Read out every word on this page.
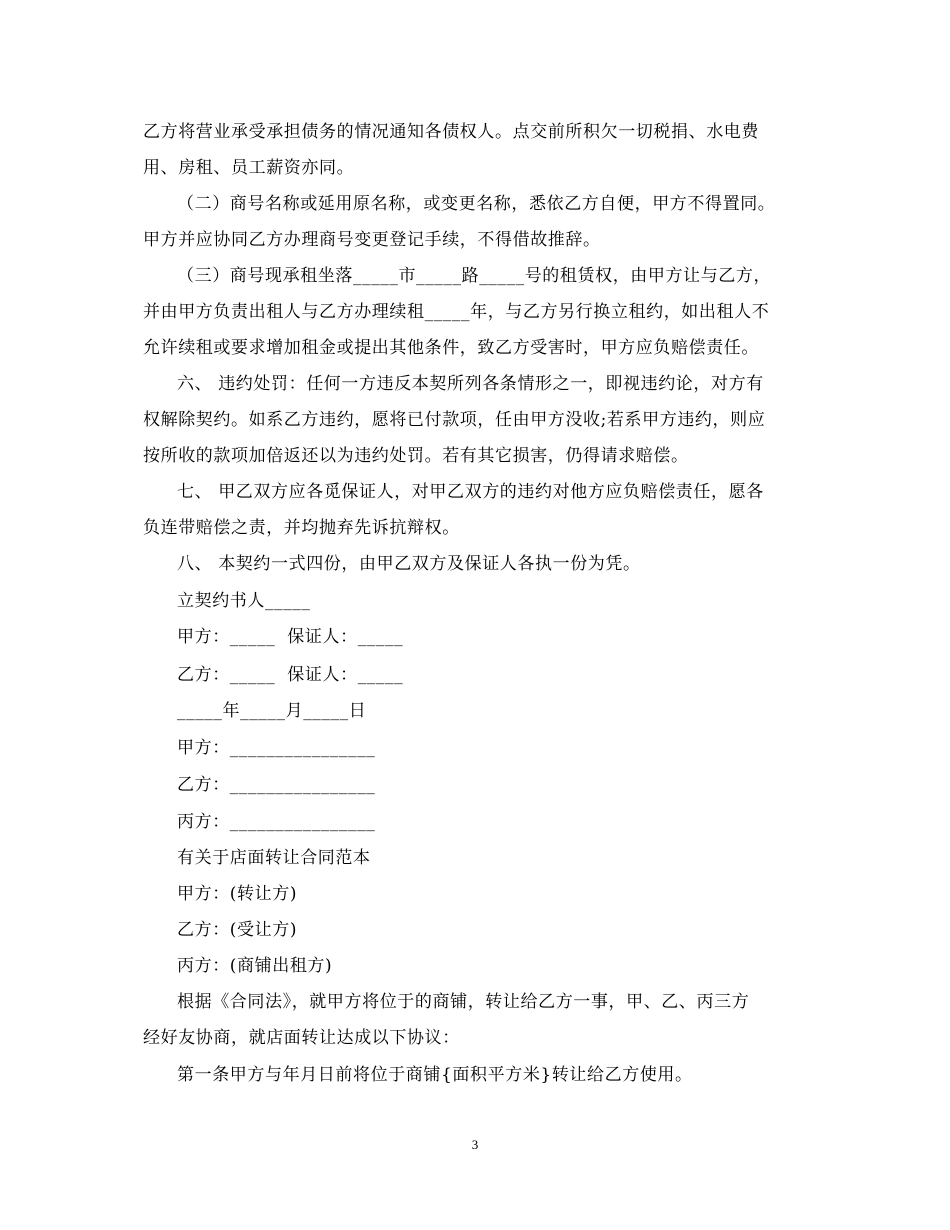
乙方将营业承受承担债务的情况通知各债权人。点交前所积欠一切税捐、水电费
用、房租、员工薪资亦同。
（二）商号名称或延用原名称，或变更名称，悉依乙方自便，甲方不得置同。
甲方并应协同乙方办理商号变更登记手续，不得借故推辞。
（三）商号现承租坐落_____市_____路_____号的租赁权，由甲方让与乙方，
并由甲方负责出租人与乙方办理续租_____年，与乙方另行换立租约，如出租人不
允许续租或要求增加租金或提出其他条件，致乙方受害时，甲方应负赔偿责任。
六、 违约处罚：任何一方违反本契所列各条情形之一，即视违约论，对方有
权解除契约。如系乙方违约，愿将已付款项，任由甲方没收;若系甲方违约，则应
按所收的款项加倍返还以为违约处罚。若有其它损害，仍得请求赔偿。
七、 甲乙双方应各觅保证人，对甲乙双方的违约对他方应负赔偿责任，愿各
负连带赔偿之责，并均抛弃先诉抗辩权。
八、 本契约一式四份，由甲乙双方及保证人各执一份为凭。
立契约书人_____
甲方：_____  保证人：_____
乙方：_____  保证人：_____
_____年_____月_____日
甲方：________________
乙方：________________
丙方：________________
有关于店面转让合同范本
甲方：(转让方)
乙方：(受让方)
丙方：(商铺出租方)
根据《合同法》，就甲方将位于的商铺，转让给乙方一事，甲、乙、丙三方
经好友协商，就店面转让达成以下协议：
第一条甲方与年月日前将位于商铺{面积平方米}转让给乙方使用。
3
